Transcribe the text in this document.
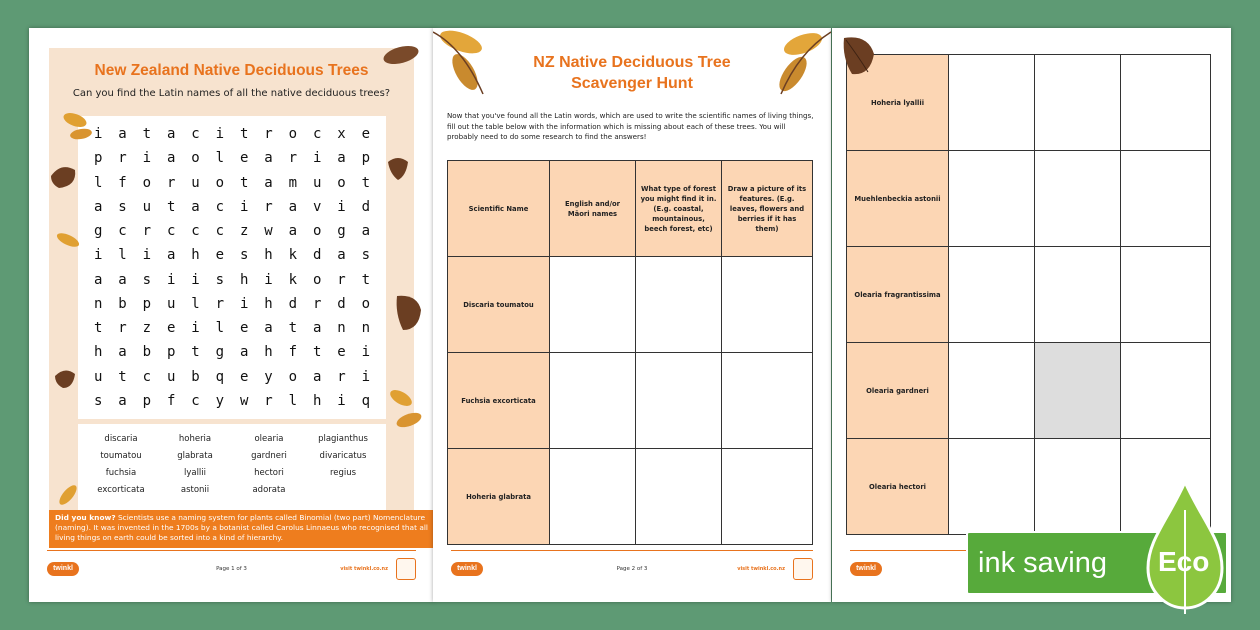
New Zealand Native Deciduous Trees
Can you find the Latin names of all the native deciduous trees?
i	a	t	a	c	i	t	r	o	c	x	e
p	r	i	a	o	l	e	a	r	i	a	p
l	f	o	r	u	o	t	a	m	u	o	t
a	s	u	t	a	c	i	r	a	v	i	d
g	c	r	c	c	c	z	w	a	o	g	a
i	l	i	a	h	e	s	h	k	d	a	s
a	a	s	i	i	s	h	i	k	o	r	t
n	b	p	u	l	r	i	h	d	r	d	o
t	r	z	e	i	l	e	a	t	a	n	n
h	a	b	p	t	g	a	h	f	t	e	i
u	t	c	u	b	q	e	y	o	a	r	i
s	a	p	f	c	y	w	r	l	h	i	q
discaria	hoheria	olearia	plagianthus
toumatou	glabrata	gardneri	divaricatus
fuchsia	lyallii	hectori	regius
excorticata	astonii	adorata
Did you know? Scientists use a naming system for plants called Binomial (two part) Nomenclature (naming). It was invented in the 1700s by a botanist called Carolus Linnaeus who recognised that all living things on earth could be sorted into a kind of hierarchy.
twinkl	Page 1 of 3	visit twinkl.co.nz
NZ Native Deciduous Tree
Scavenger Hunt
Now that you've found all the Latin words, which are used to write the scientific names of living things, fill out the table below with the information which is missing about each of these trees. You will probably need to do some research to find the answers!
Scientific Name	English and/or Māori names	What type of forest you might find it in. (E.g. coastal, mountainous, beech forest, etc)	Draw a picture of its features. (E.g. leaves, flowers and berries if it has them)
Discaria toumatou			
Fuchsia excorticata			
Hoheria glabrata			
twinkl	Page 2 of 3	visit twinkl.co.nz
Hoheria lyallii			
Muehlenbeckia astonii			
Olearia fragrantissima			
Olearia gardneri			
Olearia hectori			
twinkl	ink saving Eco
